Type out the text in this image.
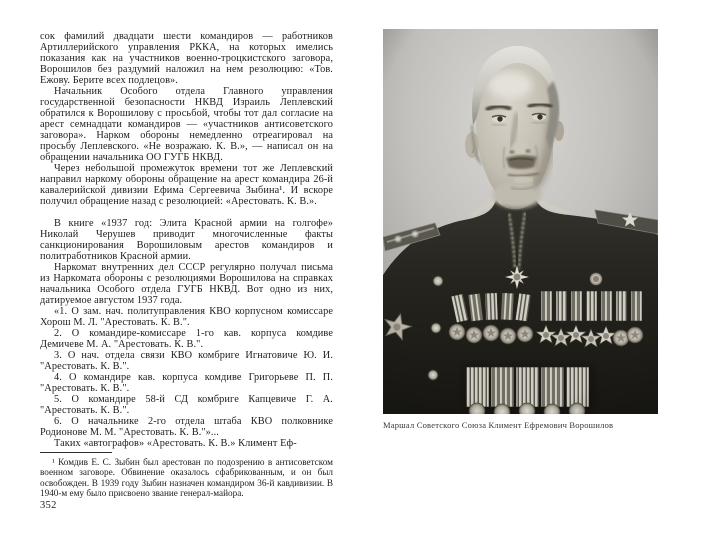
сок фамилий двадцати шести командиров — работников Артиллерийского управления РККА, на которых имелись показания как на участников военно-троцкистского заговора, Ворошилов без раздумий наложил на нем резолюцию: «Тов. Ежову. Берите всех подлецов».

Начальник Особого отдела Главного управления государственной безопасности НКВД Израиль Леплевский обратился к Ворошилову с просьбой, чтобы тот дал согласие на арест семнадцати командиров — «участников антисоветского заговора». Нарком обороны немедленно отреагировал на просьбу Леплевского. «Не возражаю. К. В.», — написал он на обращении начальника ОО ГУГБ НКВД.

Через небольшой промежуток времени тот же Леплевский направил наркому обороны обращение на арест командира 26-й кавалерийской дивизии Ефима Сергеевича Зыбина¹. И вскоре получил обращение назад с резолюцией: «Арестовать. К. В.».

В книге «1937 год: Элита Красной армии на голгофе» Николай Черушев приводит многочисленные факты санкционирования Ворошиловым арестов командиров и политработников Красной армии.

Наркомат внутренних дел СССР регулярно получал письма из Наркомата обороны с резолюциями Ворошилова на справках начальника Особого отдела ГУГБ НКВД. Вот одно из них, датируемое августом 1937 года.

«1. О зам. нач. политуправления КВО корпусном комиссаре Хорош М. Л. "Арестовать. К. В.".

2. О командире-комиссаре 1-го кав. корпуса комдиве Демичеве М. А. "Арестовать. К. В.".

3. О нач. отдела связи КВО комбриге Игнатовиче Ю. И. "Арестовать. К. В.".

4. О командире кав. корпуса комдиве Григорьеве П. П. "Арестовать. К. В.".

5. О командире 58-й СД комбриге Капцевиче Г. А. "Арестовать. К. В.".

6. О начальнике 2-го отдела штаба КВО полковнике Родионове М. М. "Арестовать. К. В."»...

Таких «автографов» «Арестовать. К. В.» Климент Еф-

¹ Комдив Е. С. Зыбин был арестован по подозрению в антисоветском военном заговоре. Обвинение оказалось сфабрикованным, и он был освобожден. В 1939 году Зыбин назначен командиром 36-й кавдивизии. В 1940-м ему было присвоено звание генерал-майора.

352
Маршал Советского Союза Климент Ефремович Ворошилов
